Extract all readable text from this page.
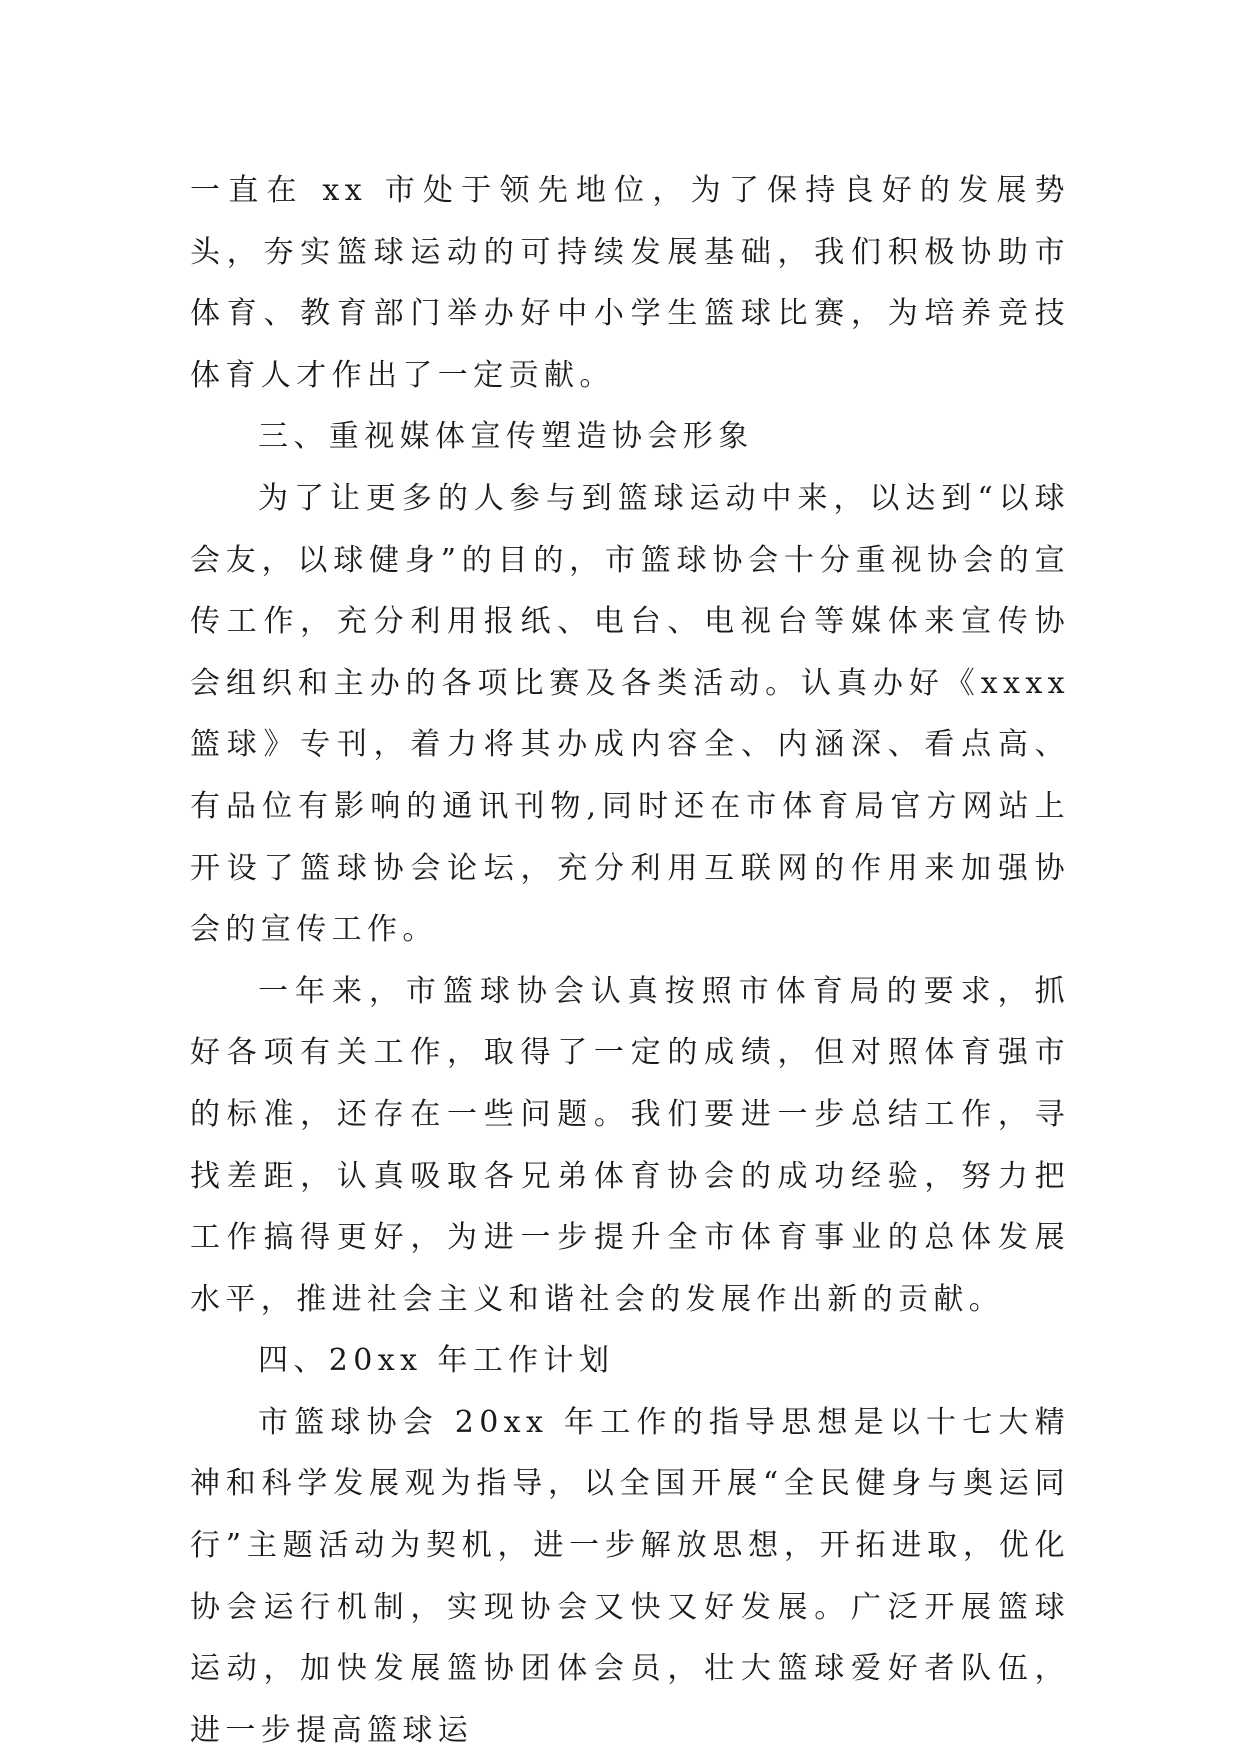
一直在 xx 市处于领先地位，为了保持良好的发展势头，夯实篮球运动的可持续发展基础，我们积极协助市体育、教育部门举办好中小学生篮球比赛，为培养竞技体育人才作出了一定贡献。

三、重视媒体宣传塑造协会形象

为了让更多的人参与到篮球运动中来，以达到“以球会友，以球健身”的目的，市篮球协会十分重视协会的宣传工作，充分利用报纸、电台、电视台等媒体来宣传协会组织和主办的各项比赛及各类活动。认真办好《xxxx 篮球》专刊，着力将其办成内容全、内涵深、看点高、有品位有影响的通讯刊物,同时还在市体育局官方网站上开设了篮球协会论坛，充分利用互联网的作用来加强协会的宣传工作。

一年来，市篮球协会认真按照市体育局的要求，抓好各项有关工作，取得了一定的成绩，但对照体育强市的标准，还存在一些问题。我们要进一步总结工作，寻找差距，认真吸取各兄弟体育协会的成功经验，努力把工作搞得更好，为进一步提升全市体育事业的总体发展水平，推进社会主义和谐社会的发展作出新的贡献。

四、20xx 年工作计划

市篮球协会 20xx 年工作的指导思想是以十七大精神和科学发展观为指导，以全国开展“全民健身与奥运同行”主题活动为契机，进一步解放思想，开拓进取，优化协会运行机制，实现协会又快又好发展。广泛开展篮球运动，加快发展篮协团体会员，壮大篮球爱好者队伍，进一步提高篮球运
